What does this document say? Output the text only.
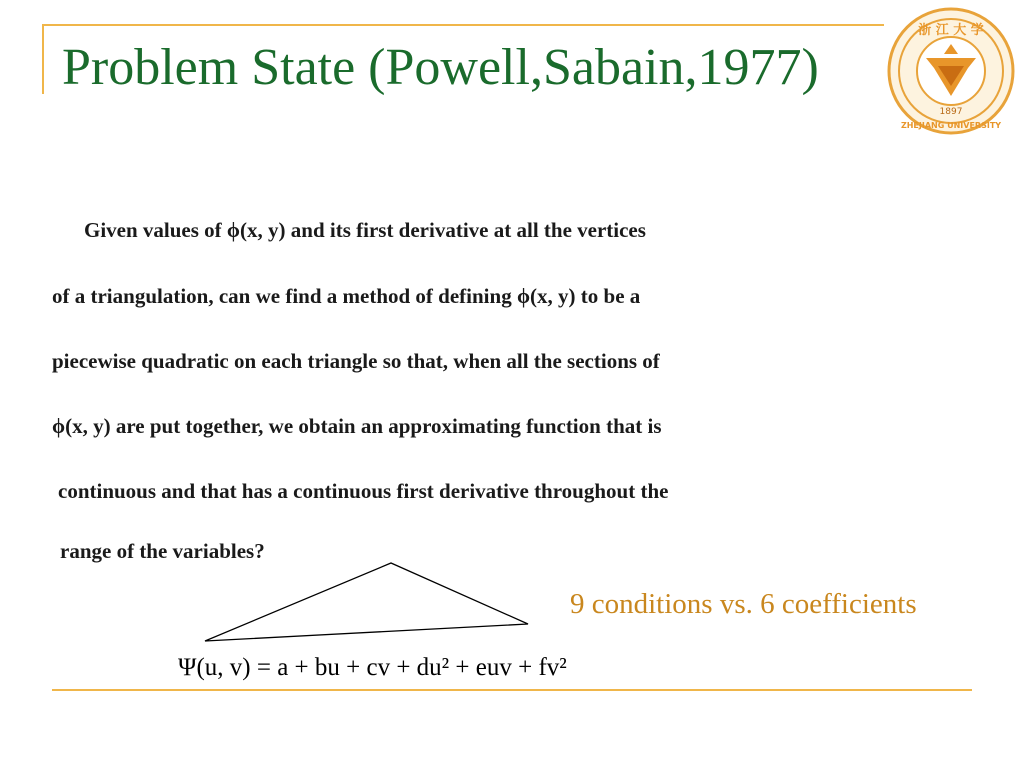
Problem State (Powell,Sabain,1977)
浙 江 大 学
1897
ZHEJIANG UNIVERSITY
Given values of ϕ(x, y) and its first derivative at all the vertices
of a triangulation, can we find a method of defining ϕ(x, y) to be a
piecewise quadratic on each triangle so that, when all the sections of
ϕ(x, y) are put together, we obtain an approximating function that is
continuous and that has a continuous first derivative throughout the
range of the variables?
9 conditions vs. 6 coefficients
Ψ(u, v) = a + bu + cv + du² + euv + fv²
